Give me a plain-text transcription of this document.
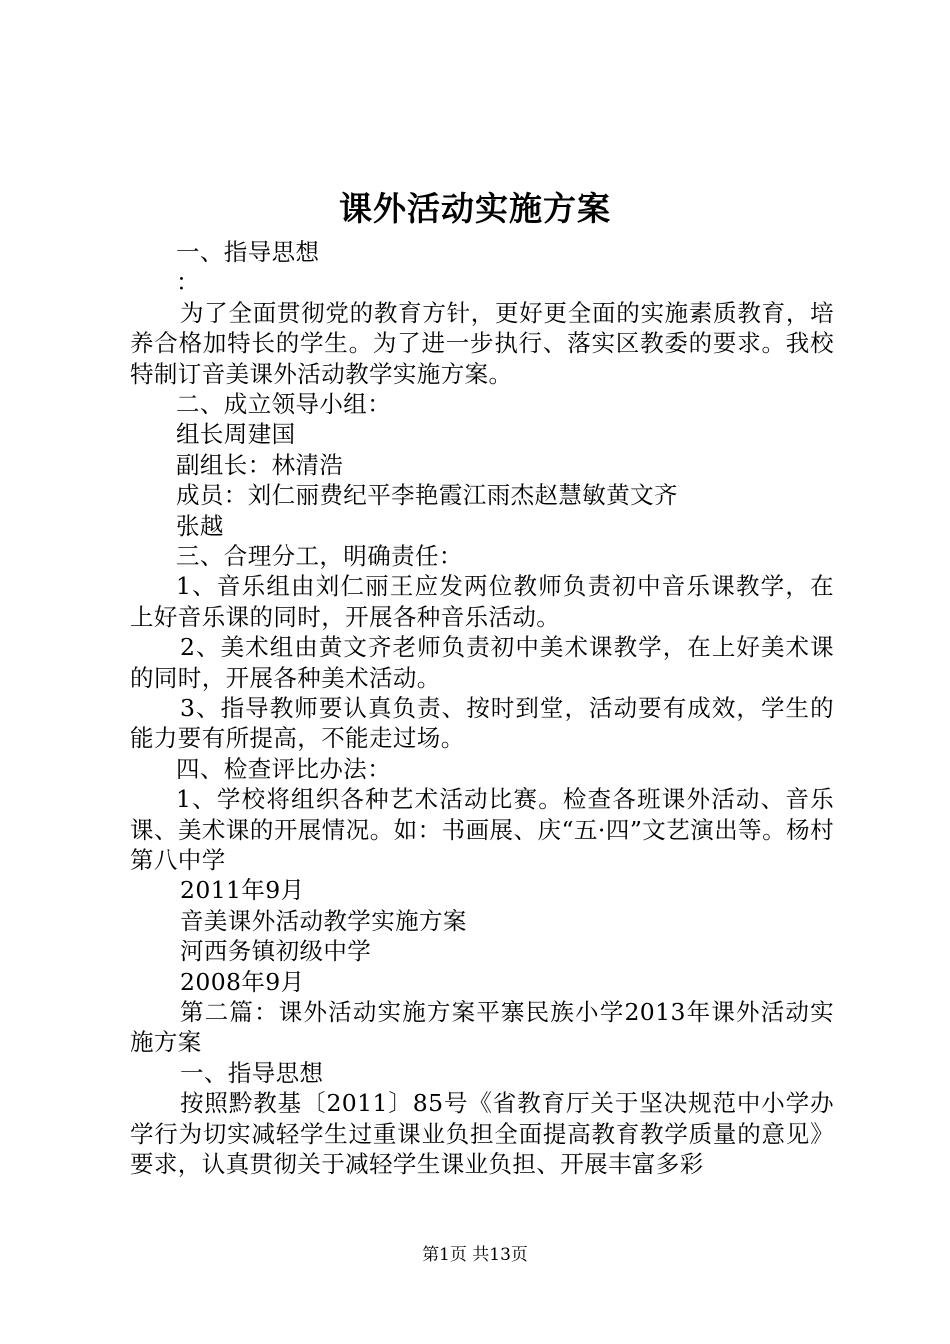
课外活动实施方案
一、指导思想
：
为了全面贯彻党的教育方针，更好更全面的实施素质教育，培养合格加特长的学生。为了进一步执行、落实区教委的要求。我校特制订音美课外活动教学实施方案。
二、成立领导小组：
组长周建国
副组长：林清浩
成员：刘仁丽费纪平李艳霞江雨杰赵慧敏黄文齐
张越
三、合理分工，明确责任：
1、音乐组由刘仁丽王应发两位教师负责初中音乐课教学，在上好音乐课的同时，开展各种音乐活动。
2、美术组由黄文齐老师负责初中美术课教学，在上好美术课的同时，开展各种美术活动。
3、指导教师要认真负责、按时到堂，活动要有成效，学生的能力要有所提高，不能走过场。
四、检查评比办法：
1、学校将组织各种艺术活动比赛。检查各班课外活动、音乐课、美术课的开展情况。如：书画展、庆“五·四”文艺演出等。杨村第八中学
2011年9月
音美课外活动教学实施方案
河西务镇初级中学
2008年9月
第二篇：课外活动实施方案平寨民族小学2013年课外活动实施方案
一、指导思想
按照黔教基〔2011〕85号《省教育厅关于坚决规范中小学办学行为切实减轻学生过重课业负担全面提高教育教学质量的意见》要求，认真贯彻关于减轻学生课业负担、开展丰富多彩
第1页 共13页
